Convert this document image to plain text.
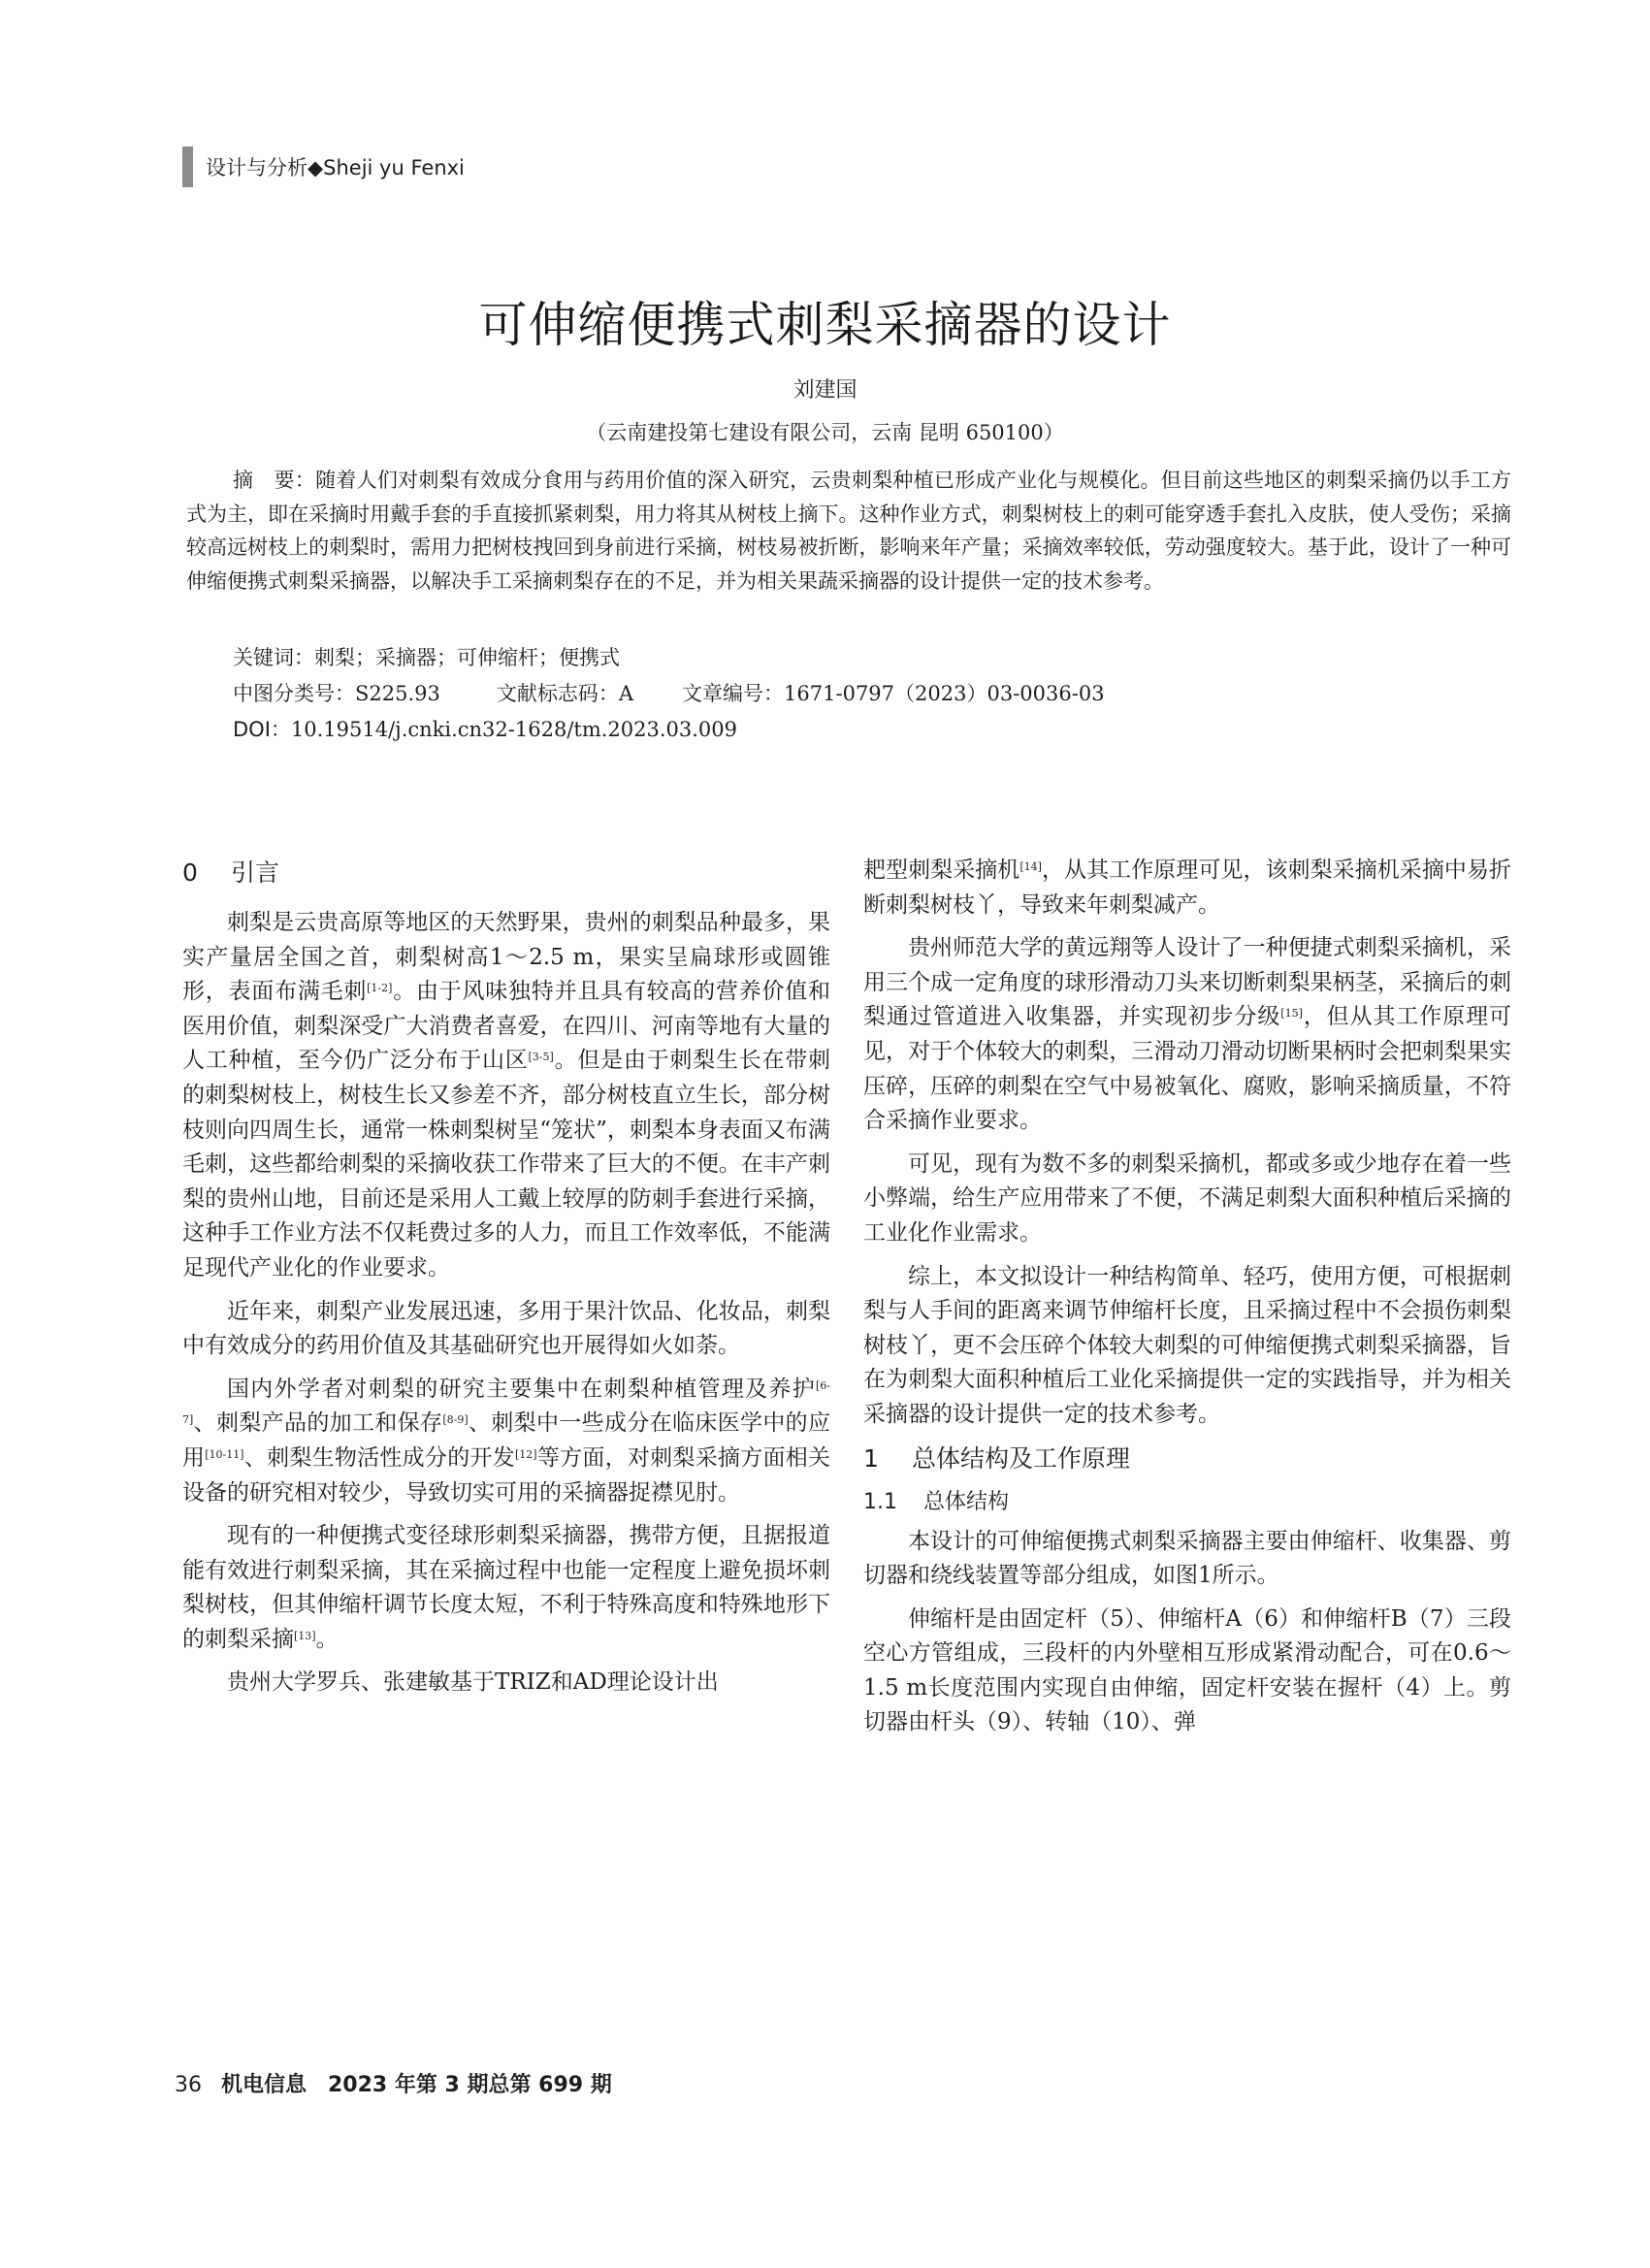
设计与分析◆Sheji yu Fenxi
可伸缩便携式刺梨采摘器的设计
刘建国
（云南建投第七建设有限公司，云南 昆明 650100）
摘　要：随着人们对刺梨有效成分食用与药用价值的深入研究，云贵刺梨种植已形成产业化与规模化。但目前这些地区的刺梨采摘仍以手工方式为主，即在采摘时用戴手套的手直接抓紧刺梨，用力将其从树枝上摘下。这种作业方式，刺梨树枝上的刺可能穿透手套扎入皮肤，使人受伤；采摘较高远树枝上的刺梨时，需用力把树枝拽回到身前进行采摘，树枝易被折断，影响来年产量；采摘效率较低，劳动强度较大。基于此，设计了一种可伸缩便携式刺梨采摘器，以解决手工采摘刺梨存在的不足，并为相关果蔬采摘器的设计提供一定的技术参考。
关键词：刺梨；采摘器；可伸缩杆；便携式
中图分类号：S225.93	文献标志码：A 文章编号：1671-0797（2023）03-0036-03
DOI：10.19514/j.cnki.cn32-1628/tm.2023.03.009
0 引言

刺梨是云贵高原等地区的天然野果，贵州的刺梨品种最多，果实产量居全国之首，刺梨树高1～2.5 m，果实呈扁球形或圆锥形，表面布满毛刺[1-2]。由于风味独特并且具有较高的营养价值和医用价值，刺梨深受广大消费者喜爱，在四川、河南等地有大量的人工种植，至今仍广泛分布于山区[3-5]。但是由于刺梨生长在带刺的刺梨树枝上，树枝生长又参差不齐，部分树枝直立生长，部分树枝则向四周生长，通常一株刺梨树呈“笼状”，刺梨本身表面又布满毛刺，这些都给刺梨的采摘收获工作带来了巨大的不便。在丰产刺梨的贵州山地，目前还是采用人工戴上较厚的防刺手套进行采摘，这种手工作业方法不仅耗费过多的人力，而且工作效率低，不能满足现代产业化的作业要求。

近年来，刺梨产业发展迅速，多用于果汁饮品、化妆品，刺梨中有效成分的药用价值及其基础研究也开展得如火如荼。

国内外学者对刺梨的研究主要集中在刺梨种植管理及养护[6-7]、刺梨产品的加工和保存[8-9]、刺梨中一些成分在临床医学中的应用[10-11]、刺梨生物活性成分的开发[12]等方面，对刺梨采摘方面相关设备的研究相对较少，导致切实可用的采摘器捉襟见肘。

现有的一种便携式变径球形刺梨采摘器，携带方便，且据报道能有效进行刺梨采摘，其在采摘过程中也能一定程度上避免损坏刺梨树枝，但其伸缩杆调节长度太短，不利于特殊高度和特殊地形下的刺梨采摘[13]。

贵州大学罗兵、张建敏基于TRIZ和AD理论设计出

耙型刺梨采摘机[14]，从其工作原理可见，该刺梨采摘机采摘中易折断刺梨树枝丫，导致来年刺梨减产。

贵州师范大学的黄远翔等人设计了一种便捷式刺梨采摘机，采用三个成一定角度的球形滑动刀头来切断刺梨果柄茎，采摘后的刺梨通过管道进入收集器，并实现初步分级[15]，但从其工作原理可见，对于个体较大的刺梨，三滑动刀滑动切断果柄时会把刺梨果实压碎，压碎的刺梨在空气中易被氧化、腐败，影响采摘质量，不符合采摘作业要求。

可见，现有为数不多的刺梨采摘机，都或多或少地存在着一些小弊端，给生产应用带来了不便，不满足刺梨大面积种植后采摘的工业化作业需求。

综上，本文拟设计一种结构简单、轻巧，使用方便，可根据刺梨与人手间的距离来调节伸缩杆长度，且采摘过程中不会损伤刺梨树枝丫，更不会压碎个体较大刺梨的可伸缩便携式刺梨采摘器，旨在为刺梨大面积种植后工业化采摘提供一定的实践指导，并为相关采摘器的设计提供一定的技术参考。

1 总体结构及工作原理
1.1 总体结构

本设计的可伸缩便携式刺梨采摘器主要由伸缩杆、收集器、剪切器和绕线装置等部分组成，如图1所示。

伸缩杆是由固定杆（5）、伸缩杆A（6）和伸缩杆B（7）三段空心方管组成，三段杆的内外壁相互形成紧滑动配合，可在0.6～1.5 m长度范围内实现自由伸缩，固定杆安装在握杆（4）上。剪切器由杆头（9）、转轴（10）、弹

36 机电信息　2023 年第 3 期总第 699 期
